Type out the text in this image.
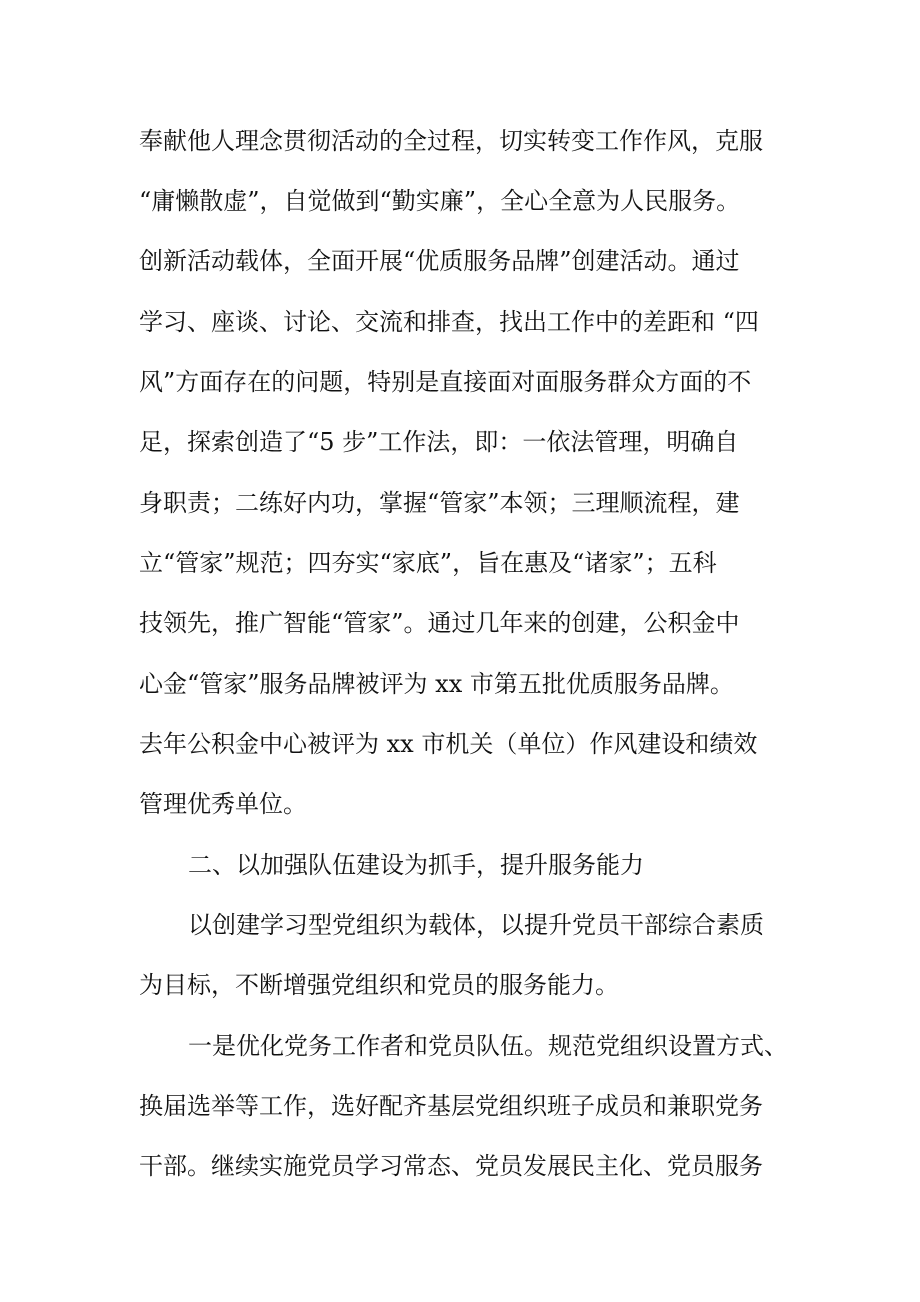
奉献他人理念贯彻活动的全过程，切实转变工作作风，克服
“庸懒散虚”，自觉做到“勤实廉”，全心全意为人民服务。
创新活动载体，全面开展“优质服务品牌”创建活动。通过
学习、座谈、讨论、交流和排查，找出工作中的差距和 “四
风”方面存在的问题，特别是直接面对面服务群众方面的不
足，探索创造了“5 步”工作法，即：一依法管理，明确自
身职责；二练好内功，掌握“管家”本领；三理顺流程，建
立“管家”规范；四夯实“家底”，旨在惠及“诸家”；五科
技领先，推广智能“管家”。通过几年来的创建，公积金中
心金“管家”服务品牌被评为 xx 市第五批优质服务品牌。
去年公积金中心被评为 xx 市机关（单位）作风建设和绩效
管理优秀单位。
二、以加强队伍建设为抓手，提升服务能力
以创建学习型党组织为载体，以提升党员干部综合素质
为目标，不断增强党组织和党员的服务能力。
一是优化党务工作者和党员队伍。规范党组织设置方式、
换届选举等工作，选好配齐基层党组织班子成员和兼职党务
干部。继续实施党员学习常态、党员发展民主化、党员服务
